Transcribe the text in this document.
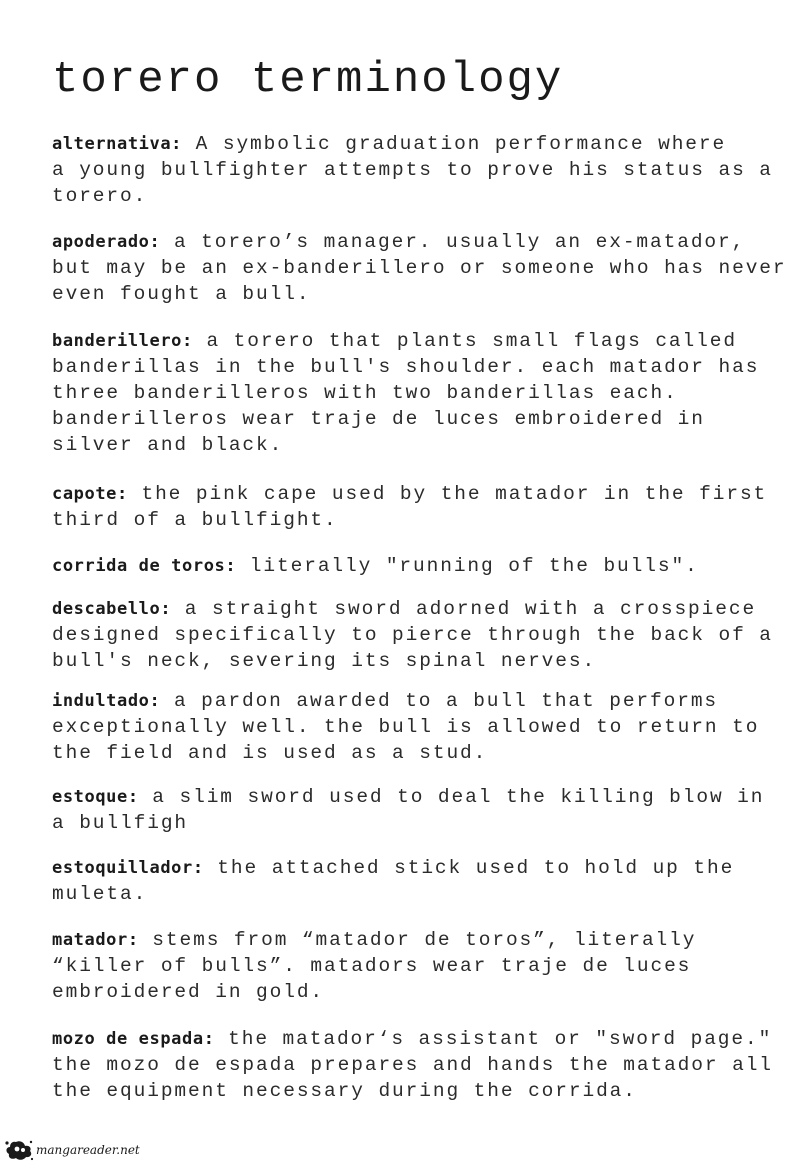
torero terminology

alternativa: A symbolic graduation performance where
a young bullfighter attempts to prove his status as a
torero.

apoderado: a torero’s manager. usually an ex-matador,
but may be an ex-banderillero or someone who has never
even fought a bull.

banderillero: a torero that plants small flags called
banderillas in the bull's shoulder. each matador has
three banderilleros with two banderillas each.
banderilleros wear traje de luces embroidered in
silver and black.

capote: the pink cape used by the matador in the first
third of a bullfight.

corrida de toros: literally "running of the bulls".

descabello: a straight sword adorned with a crosspiece
designed specifically to pierce through the back of a
bull's neck, severing its spinal nerves.

indultado: a pardon awarded to a bull that performs
exceptionally well. the bull is allowed to return to
the field and is used as a stud.

estoque: a slim sword used to deal the killing blow in
a bullfigh

estoquillador: the attached stick used to hold up the
muleta.

matador: stems from “matador de toros”, literally
“killer of bulls”. matadors wear traje de luces
embroidered in gold.

mozo de espada: the matador‘s assistant or "sword page."
the mozo de espada prepares and hands the matador all
the equipment necessary during the corrida.

mangareader.net
